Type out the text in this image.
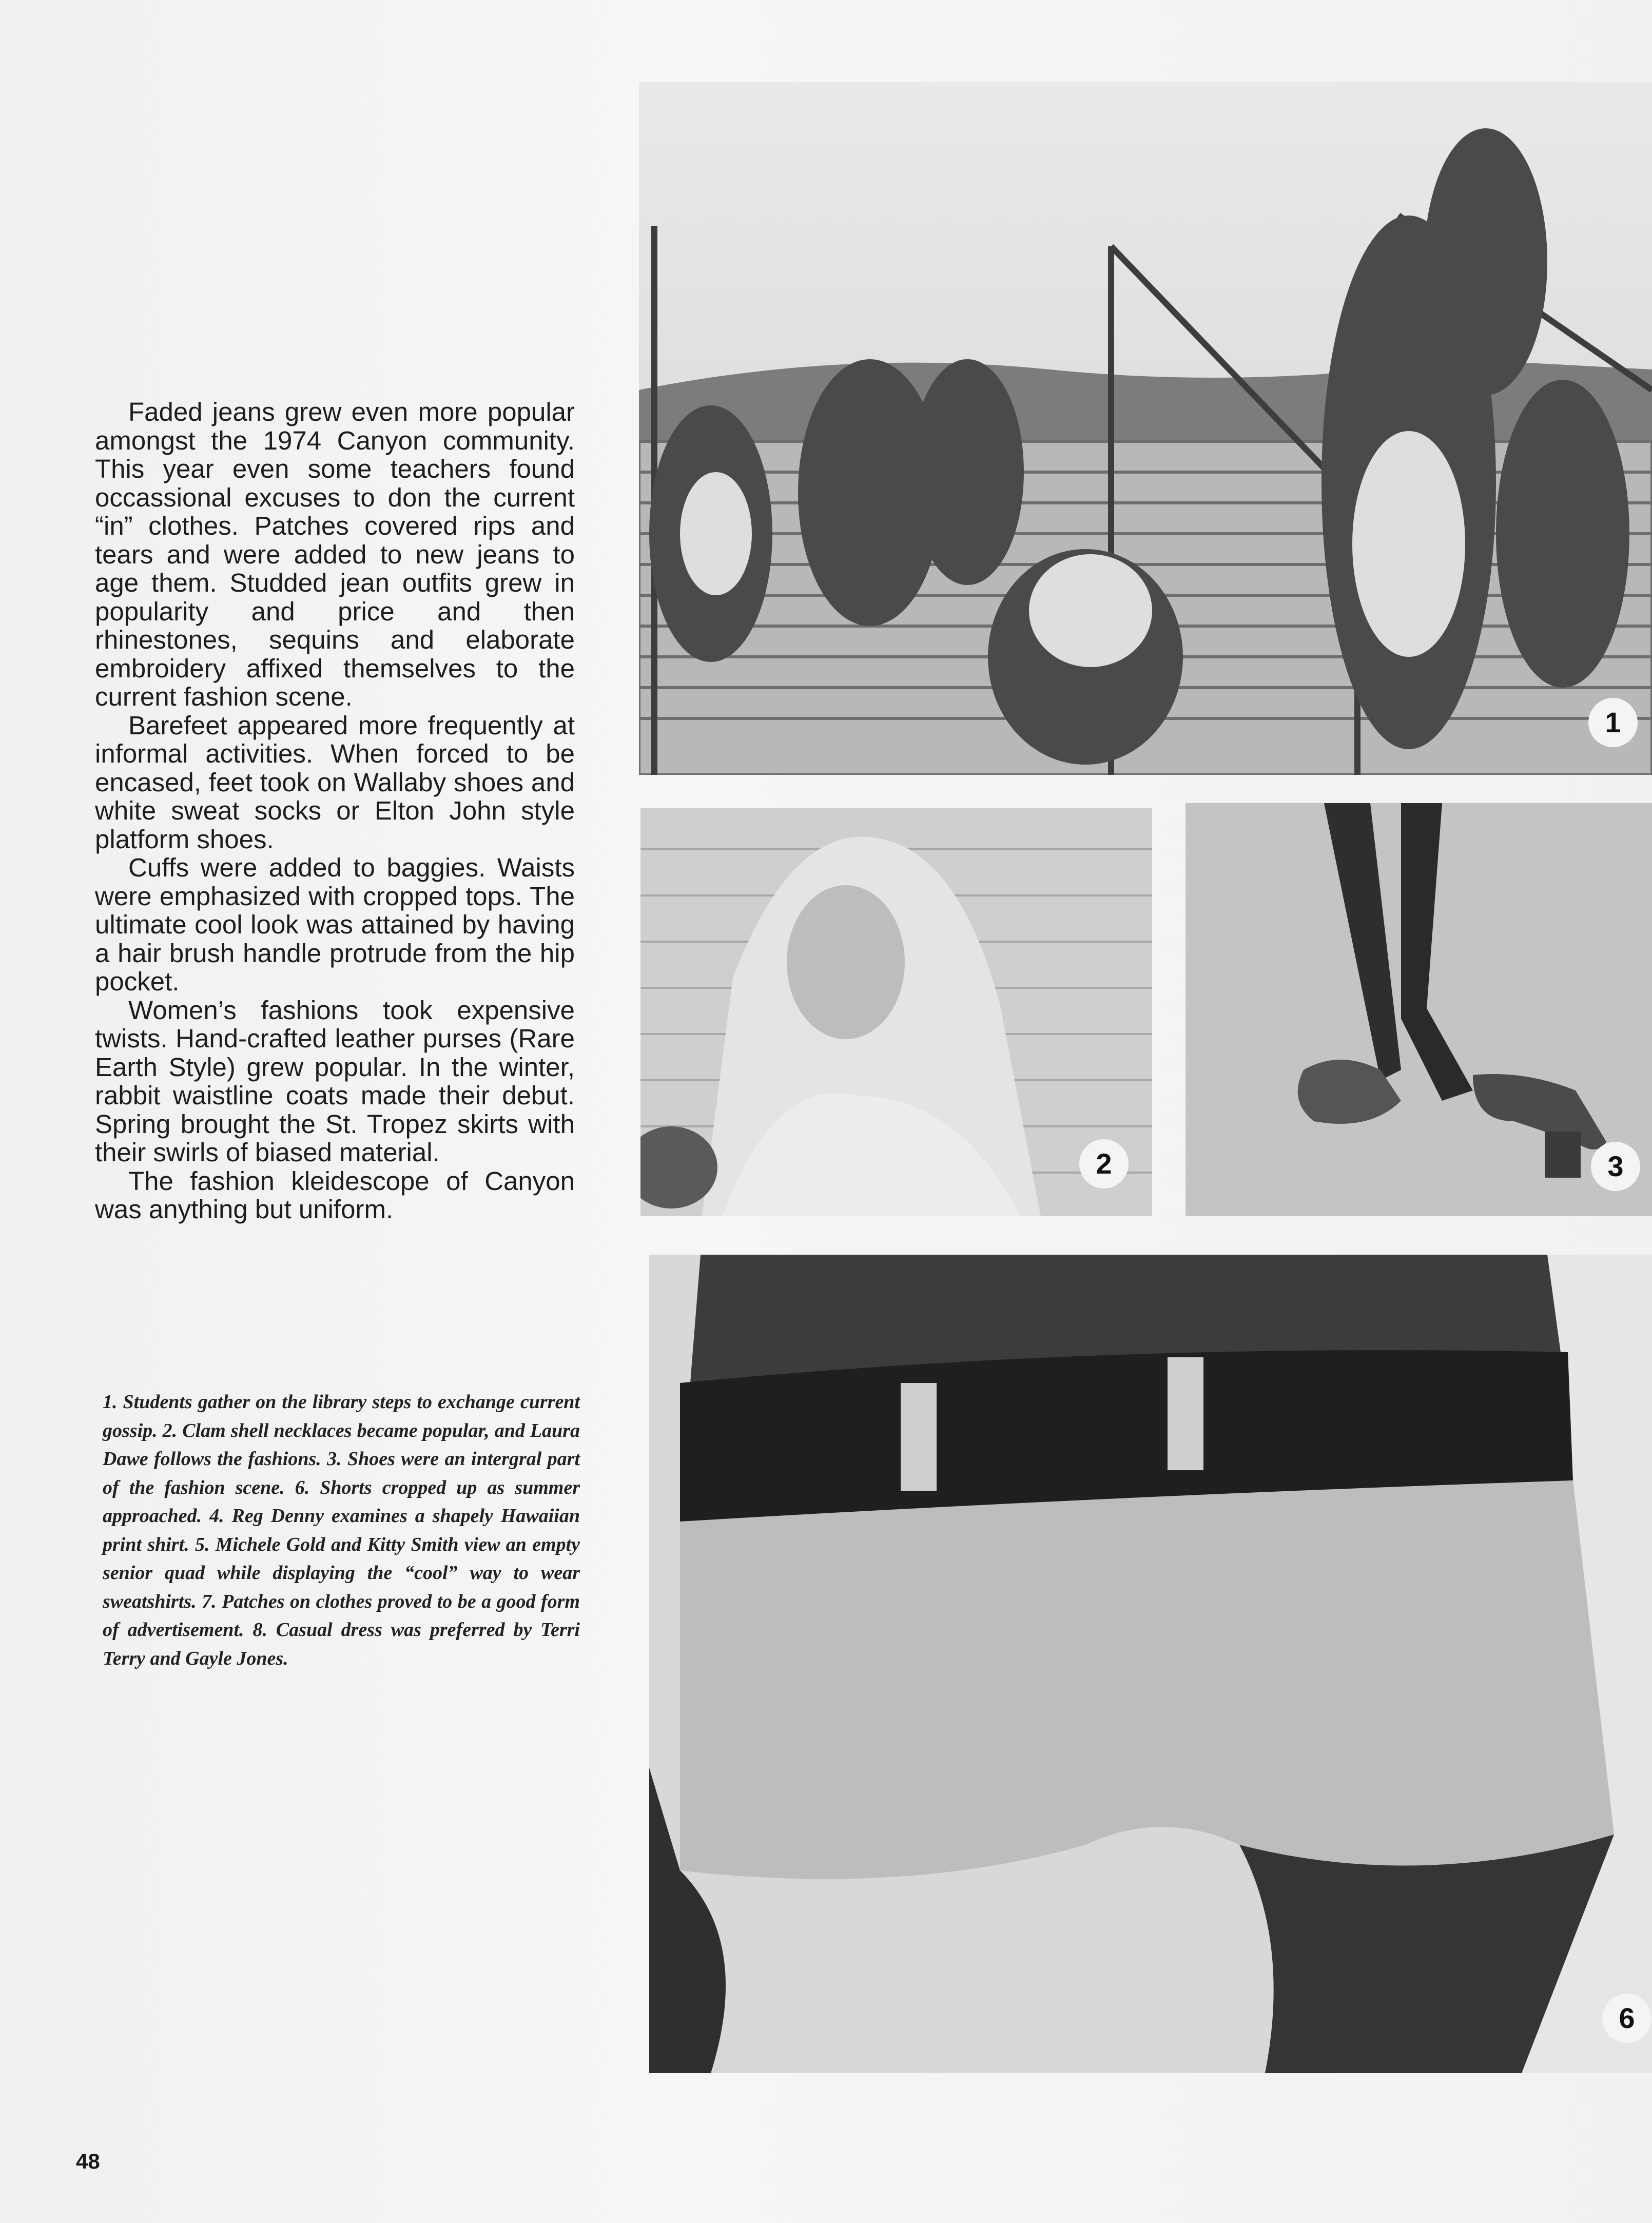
Faded jeans grew even more popular amongst the 1974 Canyon community. This year even some teachers found occassional excuses to don the current “in” clothes. Patches covered rips and tears and were added to new jeans to age them. Studded jean outfits grew in popularity and price and then rhinestones, sequins and elaborate embroidery affixed themselves to the current fashion scene.

Barefeet appeared more frequently at informal activities. When forced to be encased, feet took on Wallaby shoes and white sweat socks or Elton John style platform shoes.

Cuffs were added to baggies. Waists were emphasized with cropped tops. The ultimate cool look was attained by having a hair brush handle protrude from the hip pocket.

Women’s fashions took expensive twists. Hand-crafted leather purses (Rare Earth Style) grew popular. In the winter, rabbit waistline coats made their debut. Spring brought the St. Tropez skirts with their swirls of biased material.

The fashion kleidescope of Canyon was anything but uniform.

1. Students gather on the library steps to exchange current gossip. 2. Clam shell necklaces became popular, and Laura Dawe follows the fashions. 3. Shoes were an intergral part of the fashion scene. 6. Shorts cropped up as summer approached. 4. Reg Denny examines a shapely Hawaiian print shirt. 5. Michele Gold and Kitty Smith view an empty senior quad while displaying the “cool” way to wear sweatshirts. 7. Patches on clothes proved to be a good form of advertisement. 8. Casual dress was preferred by Terri Terry and Gayle Jones.

1
2	3
6
48
